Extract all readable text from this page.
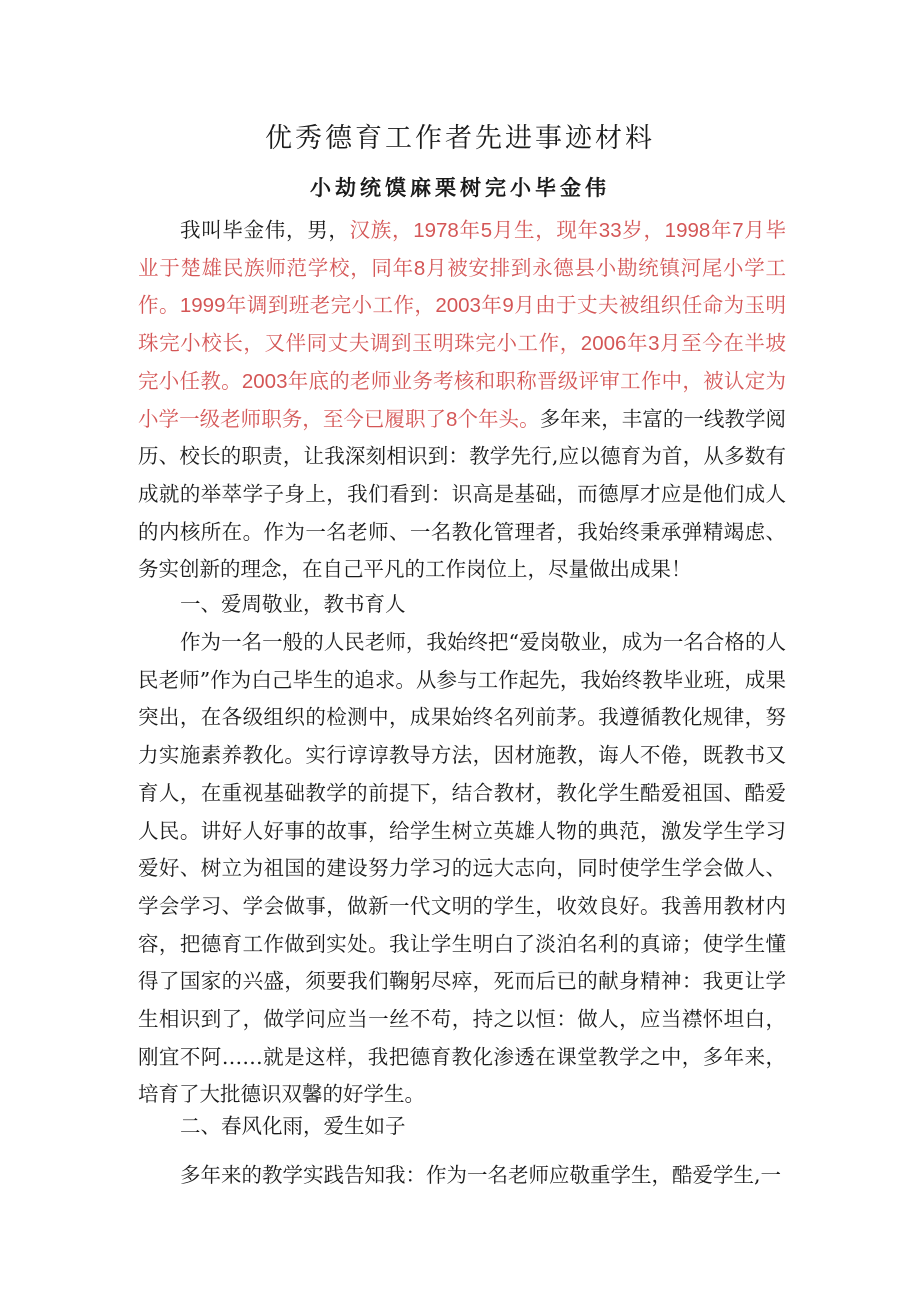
优秀德育工作者先进事迹材料
小劫统馍麻栗树完小毕金伟

我叫毕金伟，男，汉族，1978年5月生，现年33岁，1998年7月毕业于楚雄民族师范学校，同年8月被安排到永德县小勘统镇河尾小学工作。1999年调到班老完小工作，2003年9月由于丈夫被组织任命为玉明珠完小校长，又伴同丈夫调到玉明珠完小工作，2006年3月至今在半坡完小任教。2003年底的老师业务考核和职称晋级评审工作中，被认定为小学一级老师职务，至今已履职了8个年头。多年来，丰富的一线教学阅历、校长的职责，让我深刻相识到：教学先行,应以德育为首，从多数有成就的举萃学子身上，我们看到：识高是基础，而德厚才应是他们成人的内核所在。作为一名老师、一名教化管理者，我始终秉承弹精竭虑、务实创新的理念，在自己平凡的工作岗位上，尽量做出成果！

一、爱周敬业，教书育人

作为一名一般的人民老师，我始终把“爱岗敬业，成为一名合格的人民老师”作为白己毕生的追求。从参与工作起先，我始终教毕业班，成果突出，在各级组织的检测中，成果始终名列前茅。我遵循教化规律，努力实施素养教化。实行谆谆教导方法，因材施教，诲人不倦，既教书又育人，在重视基础教学的前提下，结合教材，教化学生酷爱祖国、酷爱人民。讲好人好事的故事，给学生树立英雄人物的典范，激发学生学习爱好、树立为祖国的建设努力学习的远大志向，同时使学生学会做人、学会学习、学会做事，做新一代文明的学生，收效良好。我善用教材内容，把德育工作做到实处。我让学生明白了淡泊名利的真谛；使学生懂得了国家的兴盛，须要我们鞠躬尽瘁，死而后已的献身精神：我更让学生相识到了，做学问应当一丝不苟，持之以恒：做人，应当襟怀坦白，刚宜不阿……就是这样，我把德育教化渗透在课堂教学之中，多年来，培育了大批德识双馨的好学生。

二、春风化雨，爱生如子

多年来的教学实践告知我：作为一名老师应敬重学生，酷爱学生,一
